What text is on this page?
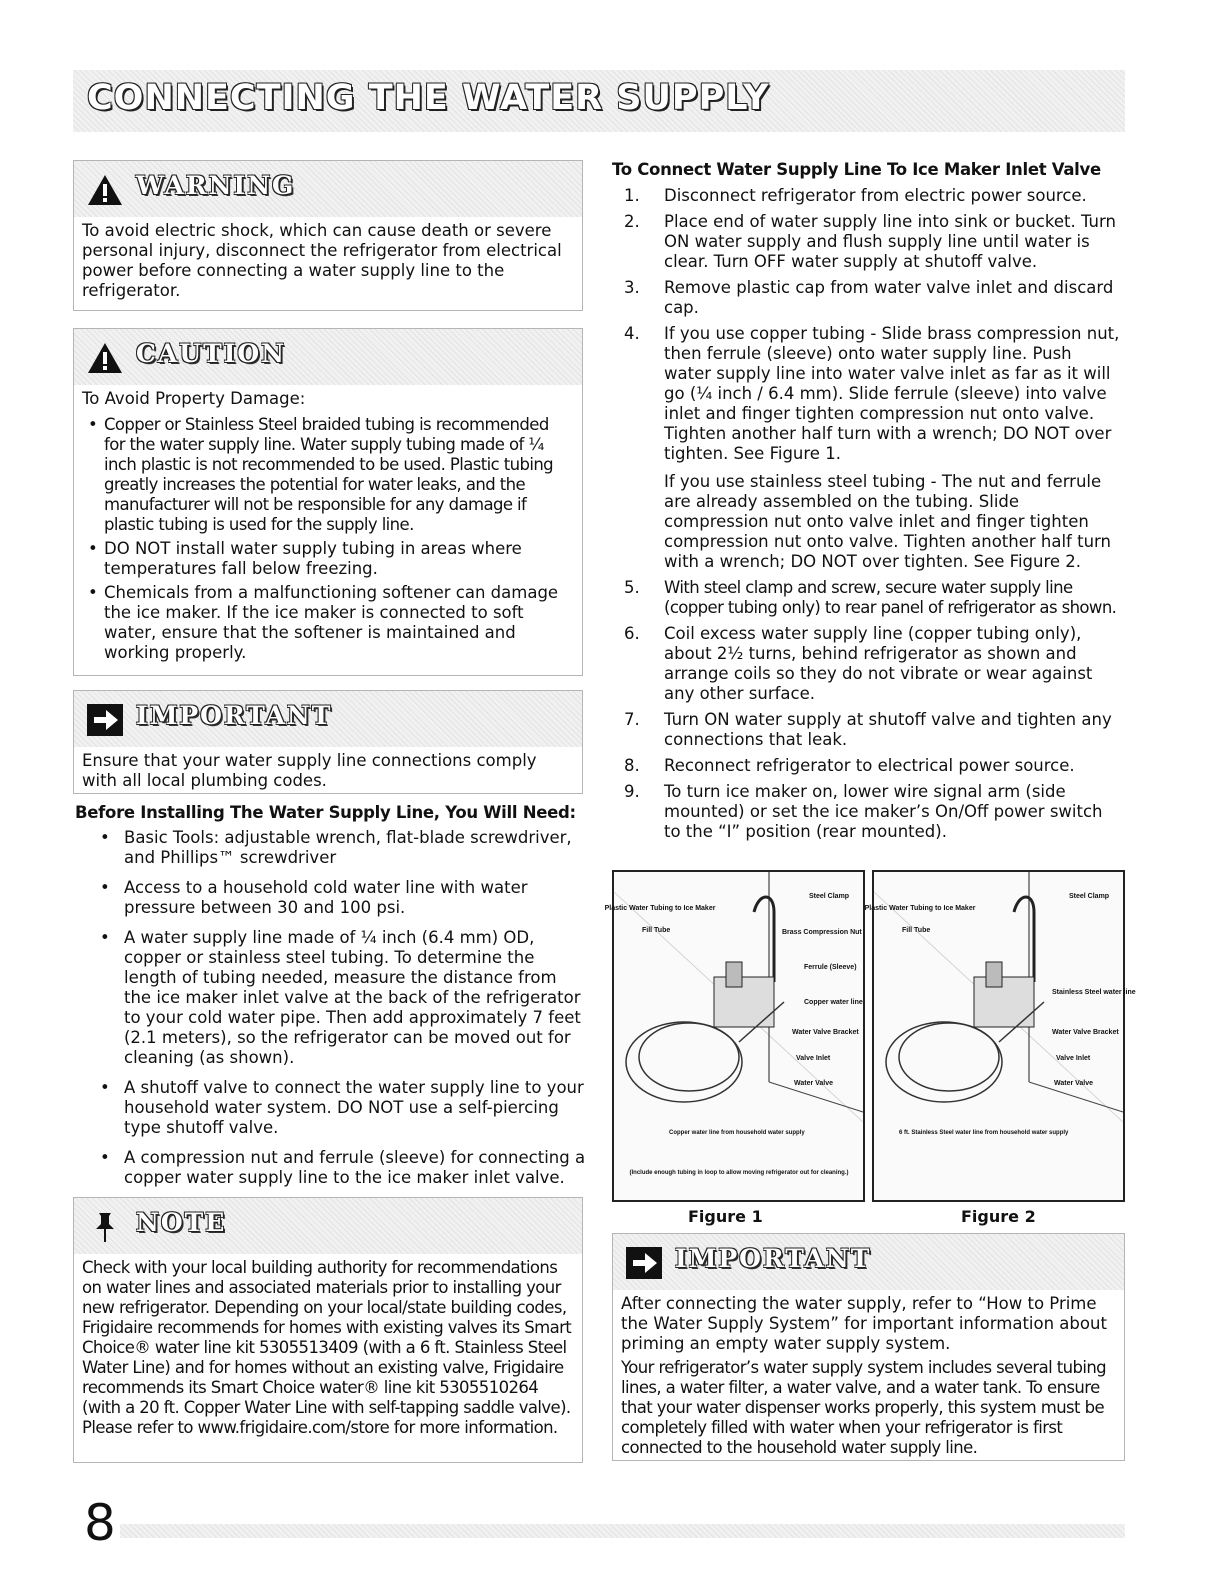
CONNECTING THE WATER SUPPLY
WARNING

To avoid electric shock, which can cause death or severe personal injury, disconnect the refrigerator from electrical power before connecting a water supply line to the refrigerator.

CAUTION

To Avoid Property Damage:

• Copper or Stainless Steel braided tubing is recommended for the water supply line. Water supply tubing made of ¼ inch plastic is not recommended to be used. Plastic tubing greatly increases the potential for water leaks, and the manufacturer will not be responsible for any damage if plastic tubing is used for the supply line.
• DO NOT install water supply tubing in areas where temperatures fall below freezing.
• Chemicals from a malfunctioning softener can damage the ice maker. If the ice maker is connected to soft water, ensure that the softener is maintained and working properly.
IMPORTANT

Ensure that your water supply line connections comply with all local plumbing codes.

Before Installing The Water Supply Line, You Will Need:
• Basic Tools: adjustable wrench, flat-blade screwdriver, and Phillips™ screwdriver
• Access to a household cold water line with water pressure between 30 and 100 psi.
• A water supply line made of ¼ inch (6.4 mm) OD, copper or stainless steel tubing. To determine the length of tubing needed, measure the distance from the ice maker inlet valve at the back of the refrigerator to your cold water pipe. Then add approximately 7 feet (2.1 meters), so the refrigerator can be moved out for cleaning (as shown).
• A shutoff valve to connect the water supply line to your household water system. DO NOT use a self-piercing type shutoff valve.
• A compression nut and ferrule (sleeve) for connecting a copper water supply line to the ice maker inlet valve.
NOTE

Check with your local building authority for recommendations on water lines and associated materials prior to installing your new refrigerator. Depending on your local/state building codes, Frigidaire recommends for homes with existing valves its Smart Choice® water line kit 5305513409 (with a 6 ft. Stainless Steel Water Line) and for homes without an existing valve, Frigidaire recommends its Smart Choice water® line kit 5305510264 (with a 20 ft. Copper Water Line with self-tapping saddle valve). Please refer to www.frigidaire.com/store for more information.

To Connect Water Supply Line To Ice Maker Inlet Valve
1. Disconnect refrigerator from electric power source.

2. Place end of water supply line into sink or bucket. Turn ON water supply and flush supply line until water is clear. Turn OFF water supply at shutoff valve.

3. Remove plastic cap from water valve inlet and discard cap.

4. If you use copper tubing - Slide brass compression nut, then ferrule (sleeve) onto water supply line. Push water supply line into water valve inlet as far as it will go (¼ inch / 6.4 mm). Slide ferrule (sleeve) into valve inlet and finger tighten compression nut onto valve. Tighten another half turn with a wrench; DO NOT over tighten. See Figure 1.

If you use stainless steel tubing - The nut and ferrule are already assembled on the tubing. Slide compression nut onto valve inlet and finger tighten compression nut onto valve. Tighten another half turn with a wrench; DO NOT over tighten. See Figure 2.

5. With steel clamp and screw, secure water supply line (copper tubing only) to rear panel of refrigerator as shown.

6. Coil excess water supply line (copper tubing only), about 2½ turns, behind refrigerator as shown and arrange coils so they do not vibrate or wear against any other surface.

7. Turn ON water supply at shutoff valve and tighten any connections that leak.

8. Reconnect refrigerator to electrical power source.

9. To turn ice maker on, lower wire signal arm (side mounted) or set the ice maker’s On/Off power switch to the “I” position (rear mounted).

Plastic Water Tubing to Ice Maker
Fill Tube
Steel Clamp
Brass Compression Nut
Ferrule (Sleeve)
Copper water line
Water Valve Bracket
Valve Inlet
Water Valve
Copper water line from household water supply
(Include enough tubing in loop to allow moving refrigerator out for cleaning.)
Figure 1
Plastic Water Tubing to Ice Maker
Fill Tube
Steel Clamp
Stainless Steel water line
Water Valve Bracket
Valve Inlet
Water Valve
6 ft. Stainless Steel water line from household water supply
Figure 2
IMPORTANT

After connecting the water supply, refer to “How to Prime the Water Supply System” for important information about priming an empty water supply system.

Your refrigerator’s water supply system includes several tubing lines, a water filter, a water valve, and a water tank. To ensure that your water dispenser works properly, this system must be completely filled with water when your refrigerator is first connected to the household water supply line.

8
